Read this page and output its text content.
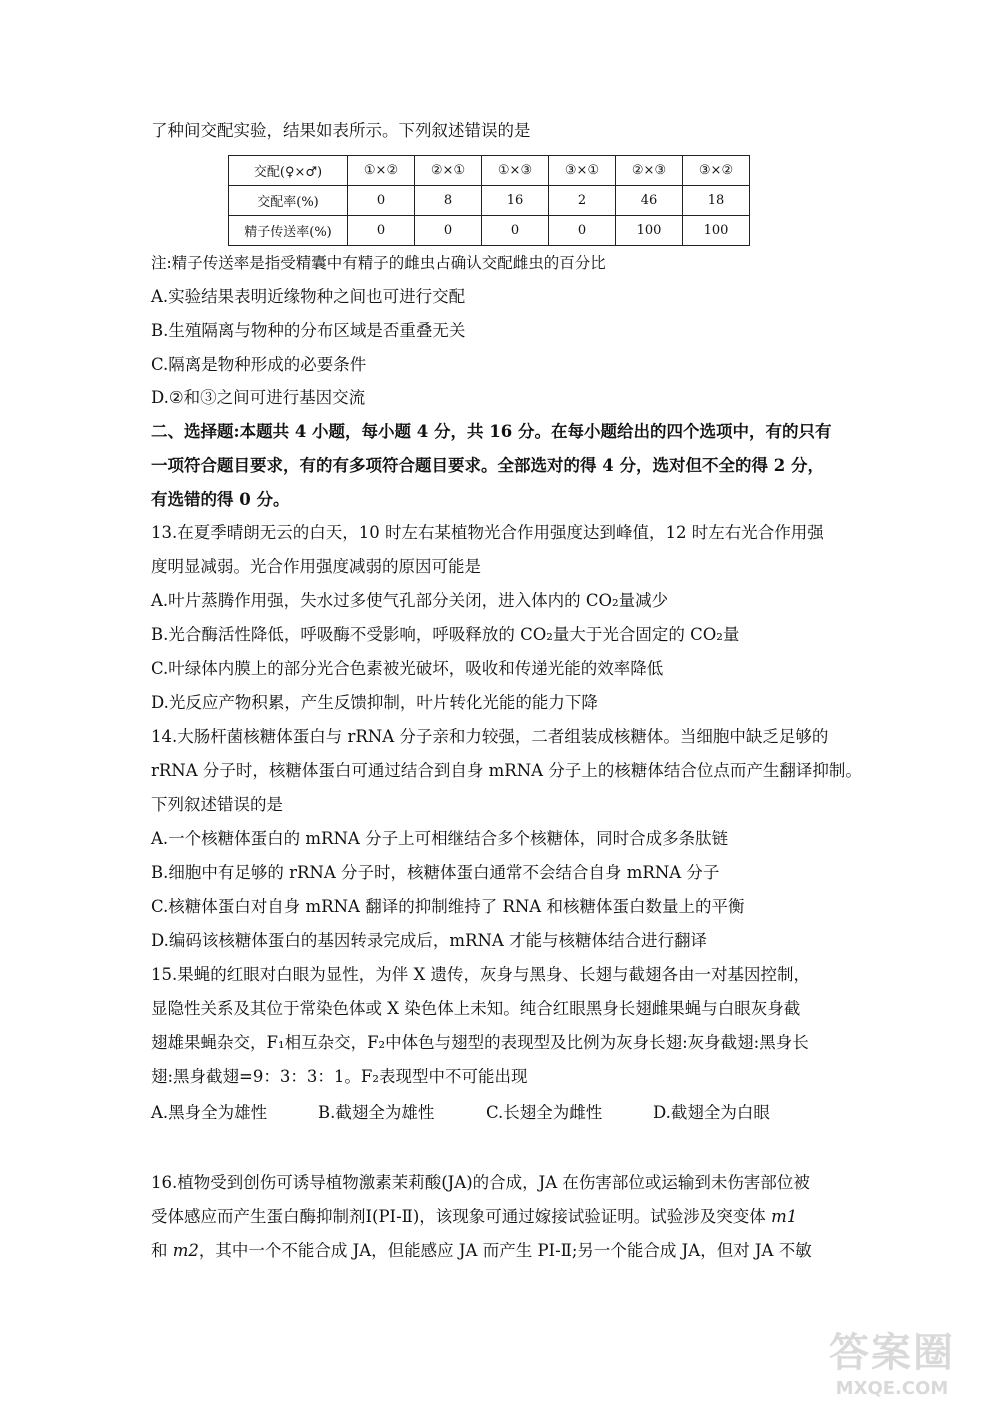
了种间交配实验，结果如表所示。下列叙述错误的是
交配(♀×♂)	①×②	②×①	①×③	③×①	②×③	③×②
交配率(%)	0	8	16	2	46	18
精子传送率(%)	0	0	0	0	100	100
注:精子传送率是指受精囊中有精子的雌虫占确认交配雌虫的百分比
A.实验结果表明近缘物种之间也可进行交配
B.生殖隔离与物种的分布区域是否重叠无关
C.隔离是物种形成的必要条件
D.②和③之间可进行基因交流
二、选择题:本题共 4 小题，每小题 4 分，共 16 分。在每小题给出的四个选项中，有的只有
一项符合题目要求，有的有多项符合题目要求。全部选对的得 4 分，选对但不全的得 2 分，
有选错的得 0 分。
13.在夏季晴朗无云的白天，10 时左右某植物光合作用强度达到峰值，12 时左右光合作用强
度明显减弱。光合作用强度减弱的原因可能是
A.叶片蒸腾作用强，失水过多使气孔部分关闭，进入体内的 CO₂量减少
B.光合酶活性降低，呼吸酶不受影响，呼吸释放的 CO₂量大于光合固定的 CO₂量
C.叶绿体内膜上的部分光合色素被光破坏，吸收和传递光能的效率降低
D.光反应产物积累，产生反馈抑制，叶片转化光能的能力下降
14.大肠杆菌核糖体蛋白与 rRNA 分子亲和力较强，二者组装成核糖体。当细胞中缺乏足够的
rRNA 分子时，核糖体蛋白可通过结合到自身 mRNA 分子上的核糖体结合位点而产生翻译抑制。
下列叙述错误的是
A.一个核糖体蛋白的 mRNA 分子上可相继结合多个核糖体，同时合成多条肽链
B.细胞中有足够的 rRNA 分子时，核糖体蛋白通常不会结合自身 mRNA 分子
C.核糖体蛋白对自身 mRNA 翻译的抑制维持了 RNA 和核糖体蛋白数量上的平衡
D.编码该核糖体蛋白的基因转录完成后，mRNA 才能与核糖体结合进行翻译
15.果蝇的红眼对白眼为显性，为伴 X 遗传，灰身与黑身、长翅与截翅各由一对基因控制，
显隐性关系及其位于常染色体或 X 染色体上未知。纯合红眼黑身长翅雌果蝇与白眼灰身截
翅雄果蝇杂交，F₁相互杂交，F₂中体色与翅型的表现型及比例为灰身长翅:灰身截翅:黑身长
翅:黑身截翅=9：3：3：1。F₂表现型中不可能出现
A.黑身全为雄性	B.截翅全为雄性	C.长翅全为雌性	D.截翅全为白眼
16.植物受到创伤可诱导植物激素茉莉酸(JA)的合成，JA 在伤害部位或运输到未伤害部位被
受体感应而产生蛋白酶抑制剂Ⅰ(PI-Ⅱ)，该现象可通过嫁接试验证明。试验涉及突变体 m1
和 m2，其中一个不能合成 JA，但能感应 JA 而产生 PI-Ⅱ;另一个能合成 JA，但对 JA 不敏
答案圈
MXQE.COM
